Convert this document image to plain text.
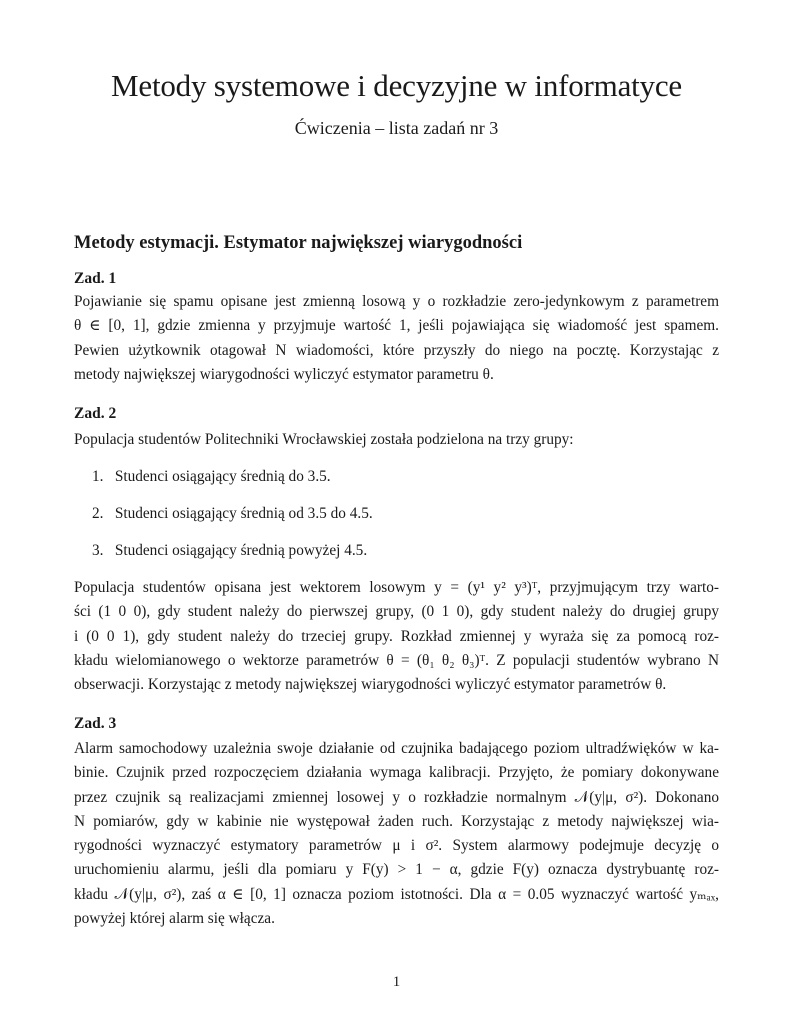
Metody systemowe i decyzyjne w informatyce
Ćwiczenia – lista zadań nr 3
Metody estymacji. Estymator największej wiarygodności
Zad. 1
Pojawianie się spamu opisane jest zmienną losową y o rozkładzie zero-jedynkowym z parametrem
θ ∈ [0, 1], gdzie zmienna y przyjmuje wartość 1, jeśli pojawiająca się wiadomość jest spamem.
Pewien użytkownik otagował N wiadomości, które przyszły do niego na pocztę. Korzystając z
metody największej wiarygodności wyliczyć estymator parametru θ.
Zad. 2
Populacja studentów Politechniki Wrocławskiej została podzielona na trzy grupy:
1. Studenci osiągający średnią do 3.5.
2. Studenci osiągający średnią od 3.5 do 4.5.
3. Studenci osiągający średnią powyżej 4.5.
Populacja studentów opisana jest wektorem losowym y = (y¹ y² y³)ᵀ, przyjmującym trzy warto-
ści (1 0 0), gdy student należy do pierwszej grupy, (0 1 0), gdy student należy do drugiej grupy
i (0 0 1), gdy student należy do trzeciej grupy. Rozkład zmiennej y wyraża się za pomocą roz-
kładu wielomianowego o wektorze parametrów θ = (θ₁ θ₂ θ₃)ᵀ. Z populacji studentów wybrano N
obserwacji. Korzystając z metody największej wiarygodności wyliczyć estymator parametrów θ.
Zad. 3
Alarm samochodowy uzależnia swoje działanie od czujnika badającego poziom ultradźwięków w ka-
binie. Czujnik przed rozpoczęciem działania wymaga kalibracji. Przyjęto, że pomiary dokonywane
przez czujnik są realizacjami zmiennej losowej y o rozkładzie normalnym 𝒩(y|μ, σ²). Dokonano
N pomiarów, gdy w kabinie nie występował żaden ruch. Korzystając z metody największej wia-
rygodności wyznaczyć estymatory parametrów μ i σ². System alarmowy podejmuje decyzję o
uruchomieniu alarmu, jeśli dla pomiaru y F(y) > 1 − α, gdzie F(y) oznacza dystrybuantę roz-
kładu 𝒩(y|μ, σ²), zaś α ∈ [0, 1] oznacza poziom istotności. Dla α = 0.05 wyznaczyć wartość yₘₐₓ,
powyżej której alarm się włącza.
1
